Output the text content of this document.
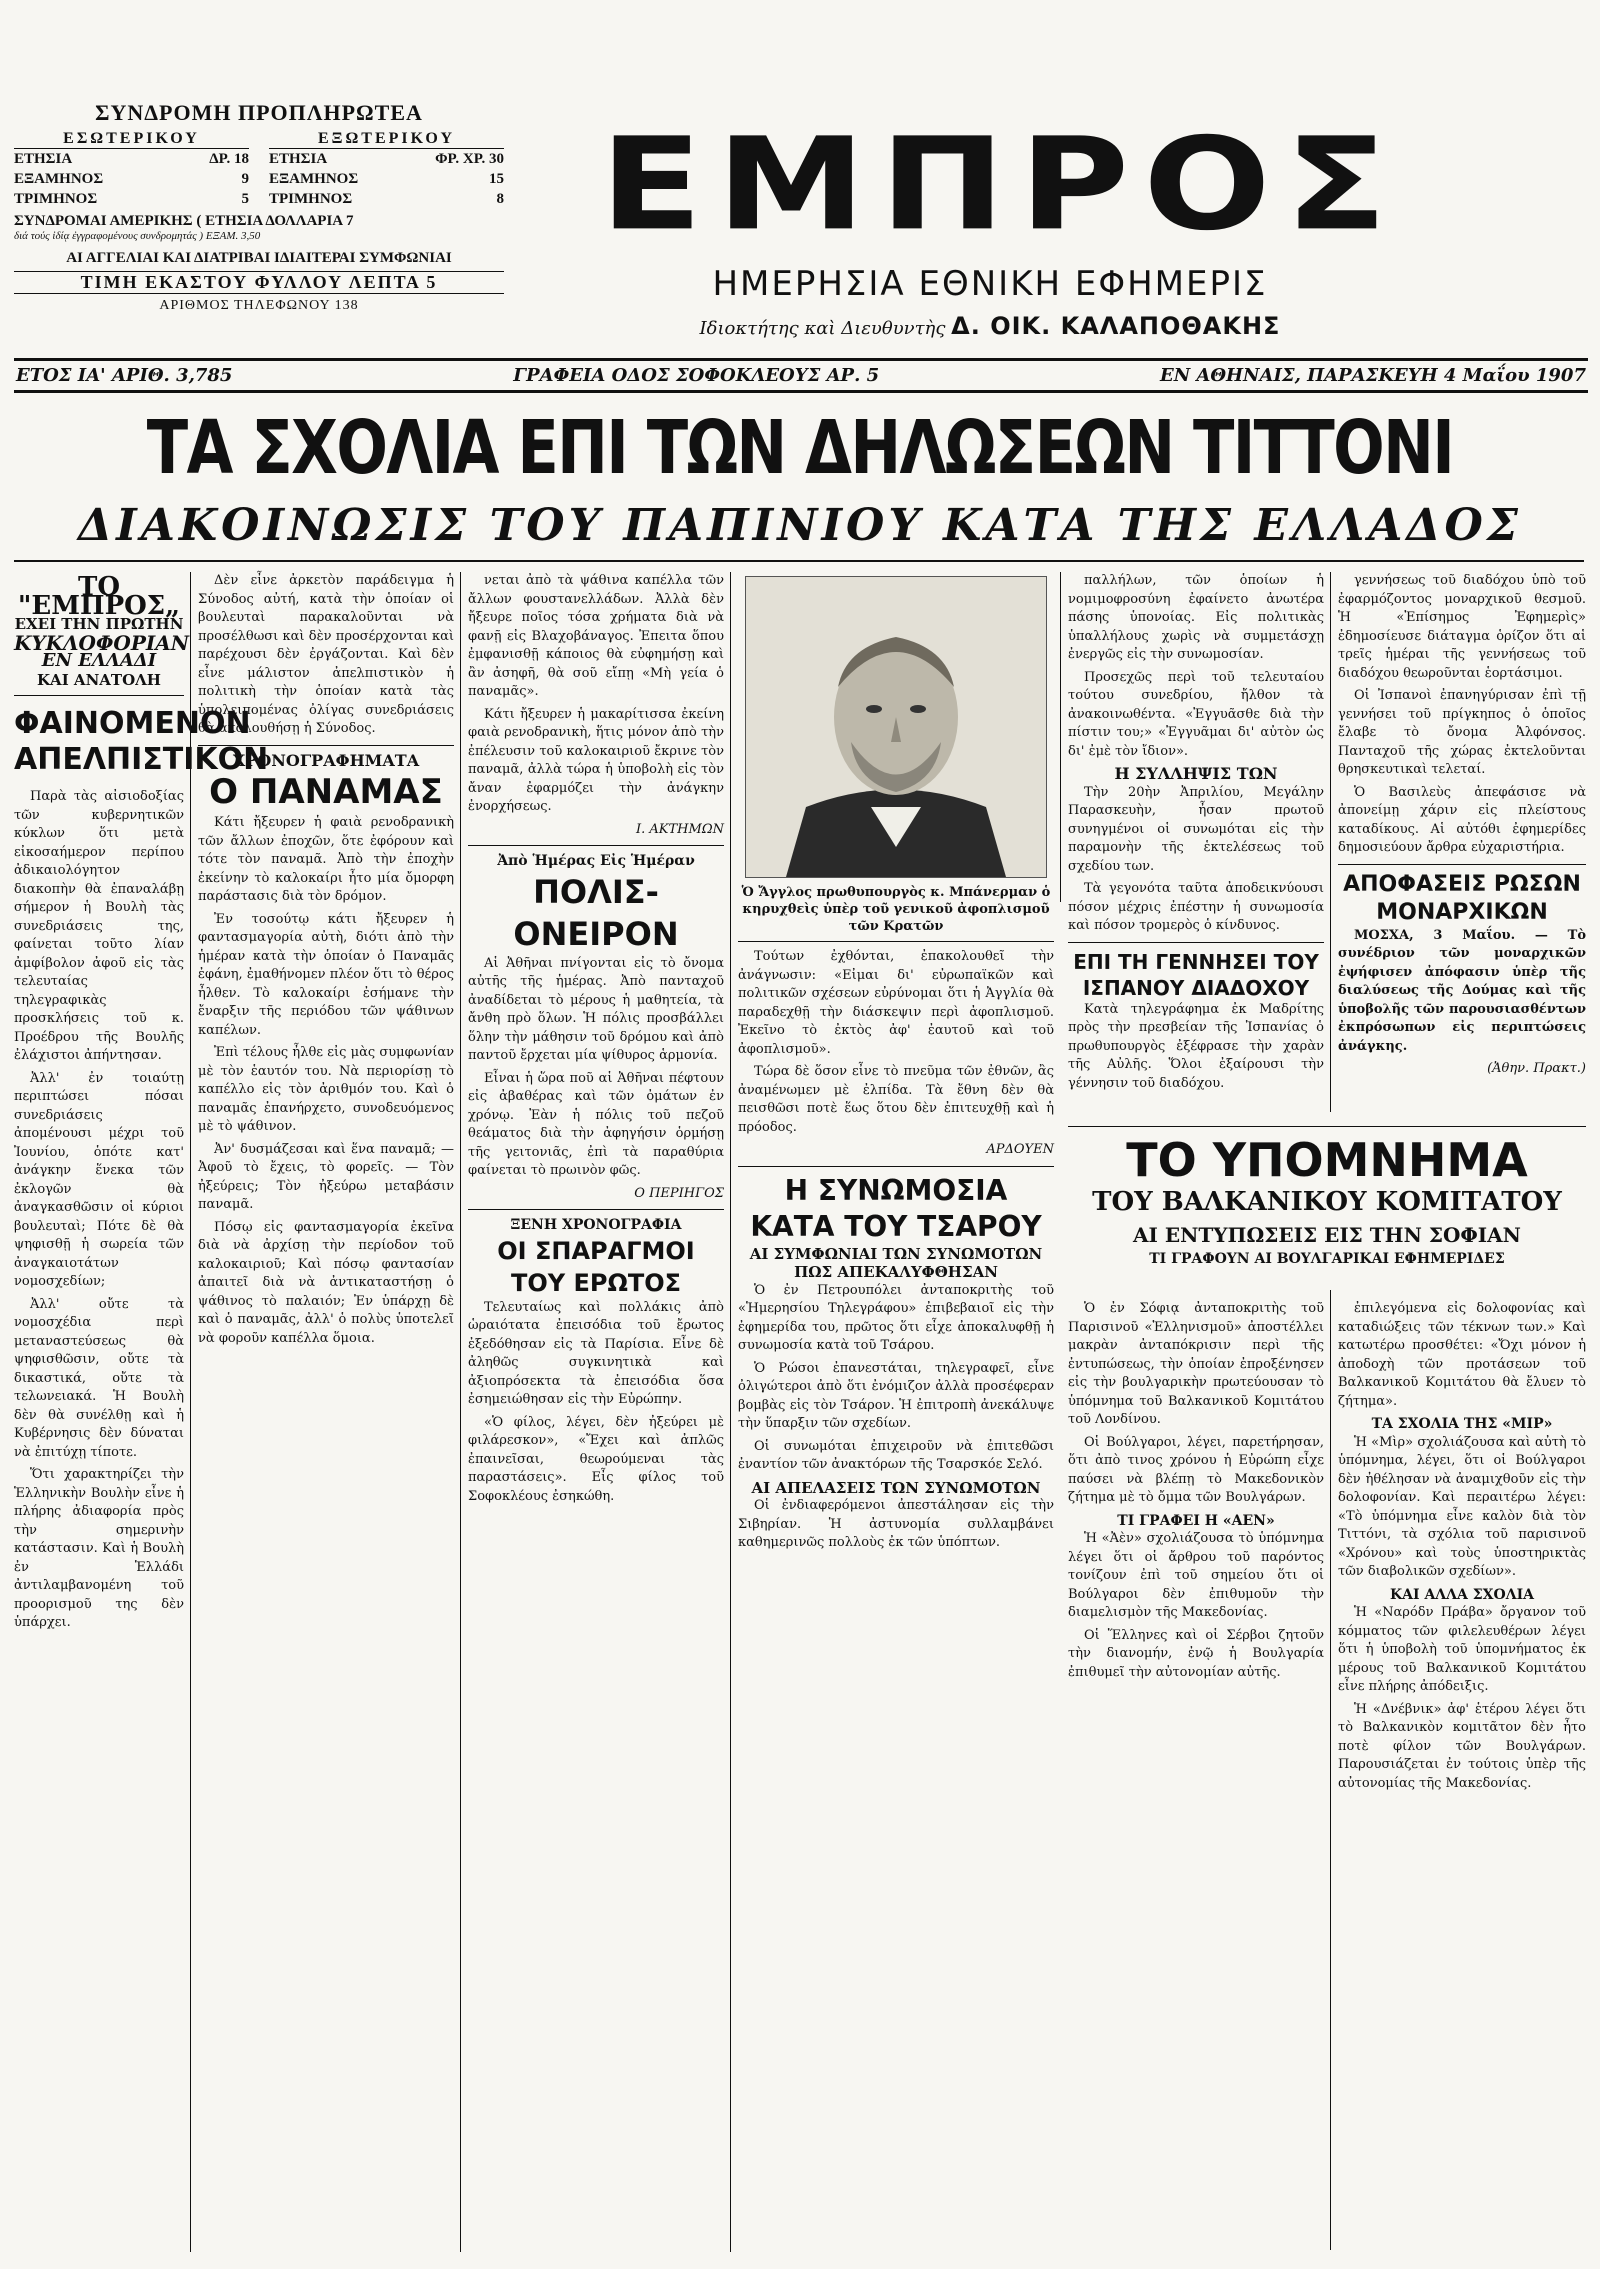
ΣΥΝΔΡΟΜΗ ΠΡΟΠΛΗΡΩΤΕΑ
ΕΣΩΤΕΡΙΚΟΥ
ΕΤΗΣΙΑ	ΔΡ. 18
ΕΞΑΜΗΝΟΣ	9
ΤΡΙΜΗΝΟΣ	5
ΕΞΩΤΕΡΙΚΟΥ
ΕΤΗΣΙΑ	ΦΡ. ΧΡ. 30
ΕΞΑΜΗΝΟΣ	15
ΤΡΙΜΗΝΟΣ	8
ΣΥΝΔΡΟΜΑΙ ΑΜΕΡΙΚΗΣ ( ΕΤΗΣΙΑ ΔΟΛΛΑΡΙΑ 7
διά τούς ἰδίᾳ ἐγγραφομένους συνδρομητάς ) ΕΞΑΜ. 3,50
ΑΙ ΑΓΓΕΛΙΑΙ ΚΑΙ ΔΙΑΤΡΙΒΑΙ ΙΔΙΑΙΤΕΡΑΙ ΣΥΜΦΩΝΙΑΙ
ΤΙΜΗ ΕΚΑΣΤΟΥ ΦΥΛΛΟΥ ΛΕΠΤΑ 5
ΑΡΙΘΜΟΣ ΤΗΛΕΦΩΝΟΥ 138
ΕΜΠΡΟΣ
ΗΜΕΡΗΣΙΑ ΕΘΝΙΚΗ ΕΦΗΜΕΡΙΣ
Ιδιοκτήτης καὶ Διευθυντὴς Δ. ΟΙΚ. ΚΑΛΑΠΟΘΑΚΗΣ
ΕΤΟΣ ΙΑ' ΑΡΙΘ. 3,785	ΓΡΑΦΕΙΑ ΟΔΟΣ ΣΟΦΟΚΛΕΟΥΣ ΑΡ. 5	ΕΝ ΑΘΗΝΑΙΣ, ΠΑΡΑΣΚΕΥΗ 4 Μαΐου 1907
ΤΑ ΣΧΟΛΙΑ ΕΠΙ ΤΩΝ ΔΗΛΩΣΕΩΝ ΤΙΤΤΟΝΙ
ΔΙΑΚΟΙΝΩΣΙΣ ΤΟΥ ΠΑΠΙΝΙΟΥ ΚΑΤΑ ΤΗΣ ΕΛΛΑΔΟΣ
ΤΟ "ΕΜΠΡΟΣ„
ΕΧΕΙ ΤΗΝ ΠΡΩΤΗΝ
ΚΥΚΛΟΦΟΡΙΑΝ
ΕΝ ΕΛΛΑΔΙ
ΚΑΙ ΑΝΑΤΟΛΗ
ΦΑΙΝΟΜΕΝΟΝ ΑΠΕΛΠΙΣΤΙΚΟΝ

Παρὰ τὰς αἰσιοδοξίας τῶν κυβερνητικῶν κύκλων ὅτι μετὰ εἰκοσαήμερον περίπου ἀδικαιολόγητον διακοπὴν θὰ ἐπαναλάβῃ σήμερον ἡ Βουλὴ τὰς συνεδριάσεις της, φαίνεται τοῦτο λίαν ἀμφίβολον ἀφοῦ εἰς τὰς τελευταίας τηλεγραφικὰς προσκλήσεις τοῦ κ. Προέδρου τῆς Βουλῆς ἐλάχιστοι ἀπήντησαν.

Ἀλλ' ἐν τοιαύτῃ περιπτώσει πόσαι συνεδριάσεις ἀπομένουσι μέχρι τοῦ Ἰουνίου, ὁπότε κατ' ἀνάγκην ἕνεκα τῶν ἐκλογῶν θὰ ἀναγκασθῶσιν οἱ κύριοι βουλευταὶ; Πότε δὲ θὰ ψηφισθῇ ἡ σωρεία τῶν ἀναγκαιοτάτων νομοσχεδίων;

Ἀλλ' οὔτε τὰ νομοσχέδια περὶ μεταναστεύσεως θὰ ψηφισθῶσιν, οὔτε τὰ δικαστικά, οὔτε τὰ τελωνειακά. Ἡ Βουλὴ δὲν θὰ συνέλθῃ καὶ ἡ Κυβέρνησις δὲν δύναται νὰ ἐπιτύχῃ τίποτε.

Ὅτι χαρακτηρίζει τὴν Ἑλληνικὴν Βουλὴν εἶνε ἡ πλήρης ἀδιαφορία πρὸς τὴν σημερινὴν κατάστασιν. Καὶ ἡ Βουλὴ ἐν Ἑλλάδι ἀντιλαμβανομένη τοῦ προορισμοῦ της δὲν ὑπάρχει.

Δὲν εἶνε ἀρκετὸν παράδειγμα ἡ Σύνοδος αὐτή, κατὰ τὴν ὁποίαν οἱ βουλευταὶ παρακαλοῦνται νὰ προσέλθωσι καὶ δὲν προσέρχονται καὶ παρέχουσι δὲν ἐργάζονται. Καὶ δὲν εἶνε μάλιστον ἀπελπιστικὸν ἡ πολιτικὴ τὴν ὁποίαν κατὰ τὰς ὑπολειπομένας ὀλίγας συνεδριάσεις θὰ ἀκολουθήσῃ ἡ Σύνοδος.

ΧΡΟΝΟΓΡΑΦΗΜΑΤΑ
Ο ΠΑΝΑΜΑΣ

Κάτι ἤξευρεν ἡ φαιὰ ρενοδρανικὴ τῶν ἄλλων ἐποχῶν, ὅτε ἐφόρουν καὶ τότε τὸν παναμᾶ. Ἀπὸ τὴν ἐποχὴν ἐκείνην τὸ καλοκαίρι ἦτο μία ὄμορφη παράστασις διὰ τὸν δρόμον.

Ἐν τοσούτῳ κάτι ἤξευρεν ἡ φαντασμαγορία αὐτὴ, διότι ἀπὸ τὴν ἡμέραν κατὰ τὴν ὁποίαν ὁ Παναμᾶς ἐφάνη, ἐμαθήνομεν πλέον ὅτι τὸ θέρος ἦλθεν. Τὸ καλοκαίρι ἐσήμανε τὴν ἔναρξιν τῆς περιόδου τῶν ψάθινων καπέλων.

Ἐπὶ τέλους ἦλθε εἰς μὰς συμφωνίαν μὲ τὸν ἑαυτόν του. Νὰ περιορίσῃ τὸ καπέλλο εἰς τὸν ἀριθμόν του. Καὶ ὁ παναμᾶς ἐπανήρχετο, συνοδευόμενος μὲ τὸ ψάθινον.

Ἀν' δυσμάζεσαι καὶ ἕνα παναμᾶ; — Ἀφοῦ τὸ ἔχεις, τὸ φορεῖς. — Τὸν ἠξεύρεις; Τὸν ἠξεύρω μεταβάσιν παναμᾶ.

Πόσῳ εἰς φαντασμαγορία ἐκεῖνα διὰ νὰ ἀρχίσῃ τὴν περίοδον τοῦ καλοκαιριοῦ; Καὶ πόσῳ φαντασίαν ἀπαιτεῖ διὰ νὰ ἀντικαταστήσῃ ὁ ψάθινος τὸ παλαιόν; Ἐν ὑπάρχῃ δὲ καὶ ὁ παναμᾶς, ἀλλ' ὁ πολὺς ὑποτελεῖ νὰ φοροῦν καπέλλα ὅμοια.

νεται ἀπὸ τὰ ψάθινα καπέλλα τῶν ἄλλων φουστανελλάδων. Ἀλλὰ δὲν ἤξευρε ποῖος τόσα χρήματα διὰ νὰ φανῇ εἰς Βλαχοβάναγος. Ἐπειτα ὅπου ἐμφανισθῇ κάποιος θὰ εὐφημήσῃ καὶ ἂν ἀσηφῆ, θὰ σοῦ εἴπῃ «Μὴ γεία ὁ παναμᾶς».

Κάτι ἤξευρεν ἡ μακαρίτισσα ἐκείνη φαιὰ ρενοδρανικὴ, ἥτις μόνον ἀπὸ τὴν ἐπέλευσιν τοῦ καλοκαιριοῦ ἔκρινε τὸν παναμᾶ, ἀλλὰ τώρα ἡ ὑποβολὴ εἰς τὸν ἄναν ἐφαρμόζει τὴν ἀνάγκην ἐνορχήσεως.

Ι. ΑΚΤΗΜΩΝ
Ἀπὸ Ἡμέρας Εἰς Ἡμέραν
ΠΟΛΙΣ-ΟΝΕΙΡΟΝ

Αἱ Ἀθῆναι πνίγονται εἰς τὸ ὄνομα αὐτῆς τῆς ἡμέρας. Ἀπὸ πανταχοῦ ἀναδίδεται τὸ μέρους ἡ μαθητεία, τὰ ἄνθη πρὸ ὅλων. Ἡ πόλις προσβάλλει ὅλην τὴν μάθησιν τοῦ δρόμου καὶ ἀπὸ παντοῦ ἔρχεται μία ψίθυρος ἁρμονία.

Εἶναι ἡ ὥρα ποῦ αἱ Ἀθῆναι πέφτουν εἰς ἀβαθέρας καὶ τῶν ὀμάτων ἐν χρόνῳ. Ἐὰν ἡ πόλις τοῦ πεζοῦ θεάματος διὰ τὴν ἀφηγήσιν ὁρμήσῃ τῆς γειτονιᾶς, ἐπὶ τὰ παραθύρια φαίνεται τὸ πρωινὸν φῶς.

Ο ΠΕΡΙΗΓΟΣ
ΞΕΝΗ ΧΡΟΝΟΓΡΑΦΙΑ
ΟΙ ΣΠΑΡΑΓΜΟΙ ΤΟΥ ΕΡΩΤΟΣ

Τελευταίως καὶ πολλάκις ἀπὸ ὡραιότατα ἐπεισόδια τοῦ ἔρωτος ἐξεδόθησαν εἰς τὰ Παρίσια. Εἶνε δὲ ἀληθῶς συγκινητικὰ καὶ ἀξιοπρόσεκτα τὰ ἐπεισόδια ὅσα ἐσημειώθησαν εἰς τὴν Εὐρώπην.

«Ὁ φίλος, λέγει, δὲν ἠξεύρει μὲ φιλάρεσκον», «Ἔχει καὶ ἀπλῶς ἐπαινεῖσαι, θεωρούμεναι τὰς παραστάσεις». Εἶς φίλος τοῦ Σοφοκλέους ἐσηκώθη.

Ὁ Ἄγγλος πρωθυπουργὸς κ. Μπάνερμαν ὁ κηρυχθεὶς ὑπὲρ τοῦ γενικοῦ ἀφοπλισμοῦ τῶν Κρατῶν

Τούτων ἐχθόνται, ἐπακολουθεῖ τὴν ἀνάγνωσιν: «Εἰμαι δι' εὐρωπαϊκῶν καὶ πολιτικῶν σχέσεων εὐρύνομαι ὅτι ἡ Ἀγγλία θὰ παραδεχθῇ τὴν διάσκεψιν περὶ ἀφοπλισμοῦ. Ἐκεῖνο τὸ ἐκτὸς ἀφ' ἐαυτοῦ καὶ τοῦ ἀφοπλισμοῦ».

Τώρα δὲ ὅσον εἶνε τὸ πνεῦμα τῶν ἐθνῶν, ἂς ἀναμένωμεν μὲ ἐλπίδα. Τὰ ἔθνη δὲν θὰ πεισθῶσι ποτὲ ἕως ὅτου δὲν ἐπιτευχθῇ καὶ ἡ πρόοδος.

ΑΡΔΟΥΕΝ
Η ΣΥΝΩΜΟΣΙΑ ΚΑΤΑ ΤΟΥ ΤΣΑΡΟΥ
ΑΙ ΣΥΜΦΩΝΙΑΙ ΤΩΝ ΣΥΝΩΜΟΤΩΝ ΠΩΣ ΑΠΕΚΑΛΥΦΘΗΣΑΝ

Ὁ ἐν Πετρουπόλει ἀνταποκριτὴς τοῦ «Ἡμερησίου Τηλεγράφου» ἐπιβεβαιοῖ εἰς τὴν ἐφημερίδα του, πρῶτος ὅτι εἶχε ἀποκαλυφθῇ ἡ συνωμοσία κατὰ τοῦ Τσάρου.

Ὁ Ρώσοι ἐπανεστάται, τηλεγραφεῖ, εἶνε ὀλιγώτεροι ἀπὸ ὅτι ἐνόμιζον ἀλλὰ προσέφεραν βομβὰς εἰς τὸν Τσάρον. Ἡ ἐπιτροπὴ ἀνεκάλυψε τὴν ὕπαρξιν τῶν σχεδίων.

Οἱ συνωμόται ἐπιχειροῦν νὰ ἐπιτεθῶσι ἐναντίον τῶν ἀνακτόρων τῆς Τσαρσκόε Σελό.

ΑΙ ΑΠΕΛΑΣΕΙΣ ΤΩΝ ΣΥΝΩΜΟΤΩΝ

Οἱ ἐνδιαφερόμενοι ἀπεστάλησαν εἰς τὴν Σιβηρίαν. Ἡ ἀστυνομία συλλαμβάνει καθημερινῶς πολλοὺς ἐκ τῶν ὑπόπτων.

παλλήλων, τῶν ὁποίων ἡ νομιμοφροσύνη ἐφαίνετο ἀνωτέρα πάσης ὑπονοίας. Εἰς πολιτικὰς ὑπαλλήλους χωρὶς νὰ συμμετάσχῃ ἐνεργῶς εἰς τὴν συνωμοσίαν.

Προσεχῶς περὶ τοῦ τελευταίου τούτου συνεδρίου, ἤλθον τὰ ἀνακοινωθέντα. «Ἐγγυᾶσθε διὰ τὴν πίστιν του;» «Ἐγγυᾶμαι δι' αὐτὸν ὡς δι' ἐμὲ τὸν ἴδιον».

Η ΣΥΛΛΗΨΙΣ ΤΩΝ

Τὴν 20ὴν Ἀπριλίου, Μεγάλην Παρασκευὴν, ἦσαν πρωτοῦ συνηγμένοι οἱ συνωμόται εἰς τὴν παραμονὴν τῆς ἑκτελέσεως τοῦ σχεδίου των.

Τὰ γεγονότα ταῦτα ἀποδεικνύουσι πόσον μέχρις ἐπέστην ἡ συνωμοσία καὶ πόσον τρομερὸς ὁ κίνδυνος.

ΕΠΙ ΤΗ ΓΕΝΝΗΣΕΙ ΤΟΥ ΙΣΠΑΝΟΥ ΔΙΑΔΟΧΟΥ

Κατὰ τηλεγράφημα ἐκ Μαδρίτης πρὸς τὴν πρεσβείαν τῆς Ἰσπανίας ὁ πρωθυπουργὸς ἐξέφρασε τὴν χαρὰν τῆς Αὐλῆς. Ὅλοι ἐξαίρουσι τὴν γέννησιν τοῦ διαδόχου.

γεννήσεως τοῦ διαδόχου ὑπὸ τοῦ ἐφαρμόζοντος μοναρχικοῦ θεσμοῦ. Ἡ «Ἐπίσημος Ἐφημερὶς» ἐδημοσίευσε διάταγμα ὁρίζον ὅτι αἱ τρεῖς ἡμέραι τῆς γεννήσεως τοῦ διαδόχου θεωροῦνται ἑορτάσιμοι.

Οἱ Ἰσπανοὶ ἐπανηγύρισαν ἐπὶ τῇ γεννήσει τοῦ πρίγκηπος ὁ ὁποῖος ἔλαβε τὸ ὄνομα Ἀλφόνσος. Πανταχοῦ τῆς χώρας ἐκτελοῦνται θρησκευτικαὶ τελεταί.

Ὁ Βασιλεὺς ἀπεφάσισε νὰ ἀπονείμῃ χάριν εἰς πλείστους καταδίκους. Αἱ αὐτόθι ἐφημερίδες δημοσιεύουν ἄρθρα εὐχαριστήρια.

ΑΠΟΦΑΣΕΙΣ ΡΩΣΩΝ ΜΟΝΑΡΧΙΚΩΝ

ΜΟΣΧΑ, 3 Μαΐου. — Τὸ συνέδριον τῶν μοναρχικῶν ἐψήφισεν ἀπόφασιν ὑπὲρ τῆς διαλύσεως τῆς Δούμας καὶ τῆς ὑποβολῆς τῶν παρουσιασθέντων ἐκπρόσωπων εἰς περιπτώσεις ἀνάγκης.

(Ἀθην. Πρακτ.)
ΤΟ ΥΠΟΜΝΗΜΑ
ΤΟΥ ΒΑΛΚΑΝΙΚΟΥ ΚΟΜΙΤΑΤΟΥ
ΑΙ ΕΝΤΥΠΩΣΕΙΣ ΕΙΣ ΤΗΝ ΣΟΦΙΑΝ
ΤΙ ΓΡΑΦΟΥΝ ΑΙ ΒΟΥΛΓΑΡΙΚΑΙ ΕΦΗΜΕΡΙΔΕΣ

Ὁ ἐν Σόφιᾳ ἀνταποκριτὴς τοῦ Παρισινοῦ «Ἑλληνισμοῦ» ἀποστέλλει μακρὰν ἀνταπόκρισιν περὶ τῆς ἐντυπώσεως, τὴν ὁποίαν ἐπροξένησεν εἰς τὴν βουλγαρικὴν πρωτεύουσαν τὸ ὑπόμνημα τοῦ Βαλκανικοῦ Κομιτάτου τοῦ Λονδίνου.

Οἱ Βούλγαροι, λέγει, παρετήρησαν, ὅτι ἀπὸ τινος χρόνου ἡ Εὐρώπη εἶχε παύσει νὰ βλέπῃ τὸ Μακεδονικὸν ζήτημα μὲ τὸ ὄμμα τῶν Βουλγάρων.

ΤΙ ΓΡΑΦΕΙ Η «ΑΕΝ»

Ἡ «Ἀὲν» σχολιάζουσα τὸ ὑπόμνημα λέγει ὅτι οἱ ἄρθρου τοῦ παρόντος τονίζουν ἐπὶ τοῦ σημείου ὅτι οἱ Βούλγαροι δὲν ἐπιθυμοῦν τὴν διαμελισμὸν τῆς Μακεδονίας.

Οἱ Ἕλληνες καὶ οἱ Σέρβοι ζητοῦν τὴν διανομήν, ἐνῷ ἡ Βουλγαρία ἐπιθυμεῖ τὴν αὐτονομίαν αὐτῆς.

ἐπιλεγόμενα εἰς δολοφονίας καὶ καταδιώξεις τῶν τέκνων των.» Καὶ κατωτέρω προσθέτει: «Ὄχι μόνον ἡ ἀποδοχὴ τῶν προτάσεων τοῦ Βαλκανικοῦ Κομιτάτου θὰ ἔλυεν τὸ ζήτημα».

ΤΑ ΣΧΟΛΙΑ ΤΗΣ «ΜΙΡ»

Ἡ «Μὶρ» σχολιάζουσα καὶ αὐτὴ τὸ ὑπόμνημα, λέγει, ὅτι οἱ Βούλγαροι δὲν ἠθέλησαν νὰ ἀναμιχθοῦν εἰς τὴν δολοφονίαν. Καὶ περαιτέρω λέγει: «Τὸ ὑπόμνημα εἶνε καλὸν διὰ τὸν Τιττόνι, τὰ σχόλια τοῦ παρισινοῦ «Χρόνου» καὶ τοὺς ὑποστηρικτὰς τῶν διαβολικῶν σχεδίων».

ΚΑΙ ΑΛΛΑ ΣΧΟΛΙΑ

Ἡ «Ναρόδν Πράβα» ὄργανον τοῦ κόμματος τῶν φιλελευθέρων λέγει ὅτι ἡ ὑποβολὴ τοῦ ὑπομνήματος ἐκ μέρους τοῦ Βαλκανικοῦ Κομιτάτου εἶνε πλήρης ἀπόδειξις.

Ἡ «Δνέβνικ» ἀφ' ἑτέρου λέγει ὅτι τὸ Βαλκανικὸν κομιτᾶτον δὲν ἦτο ποτὲ φίλον τῶν Βουλγάρων. Παρουσιάζεται ἐν τούτοις ὑπὲρ τῆς αὐτονομίας τῆς Μακεδονίας.
